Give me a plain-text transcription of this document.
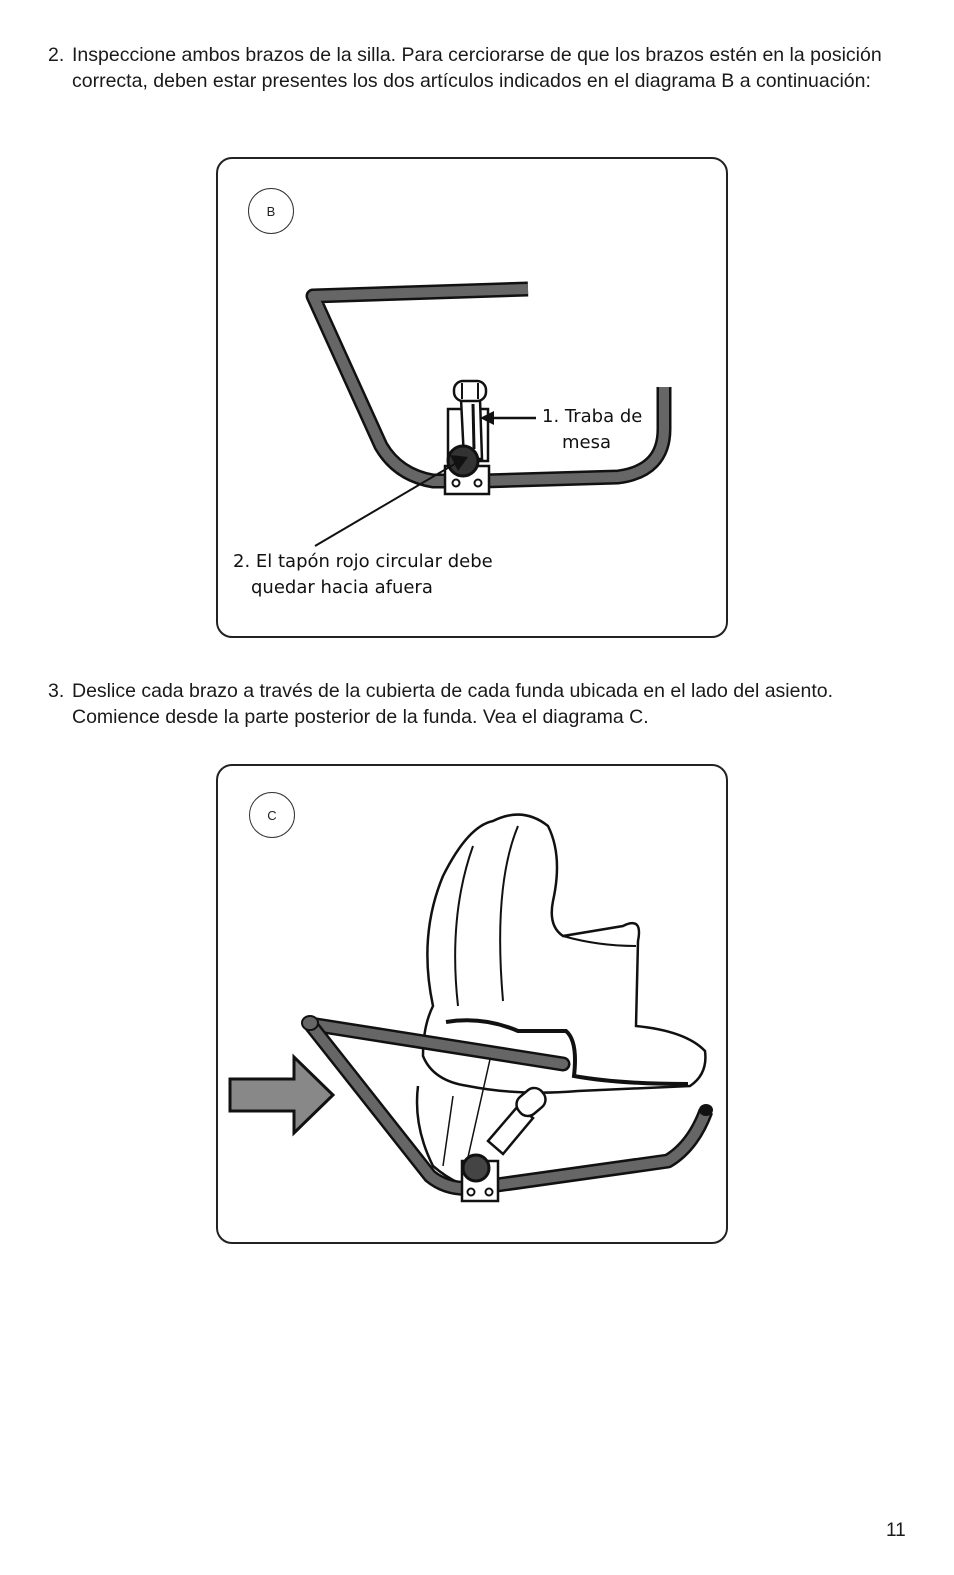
2. Inspeccione ambos brazos de la silla. Para cerciorarse de que los brazos estén en la posición correcta, deben estar presentes los dos artículos indicados en el diagrama B a continuación:

B
1. Traba de
mesa
2. El tapón rojo circular debe
quedar hacia afuera

3. Deslice cada brazo a través de la cubierta de cada funda ubicada en el lado del asiento. Comience desde la parte posterior de la funda. Vea el diagrama C.

C
11
